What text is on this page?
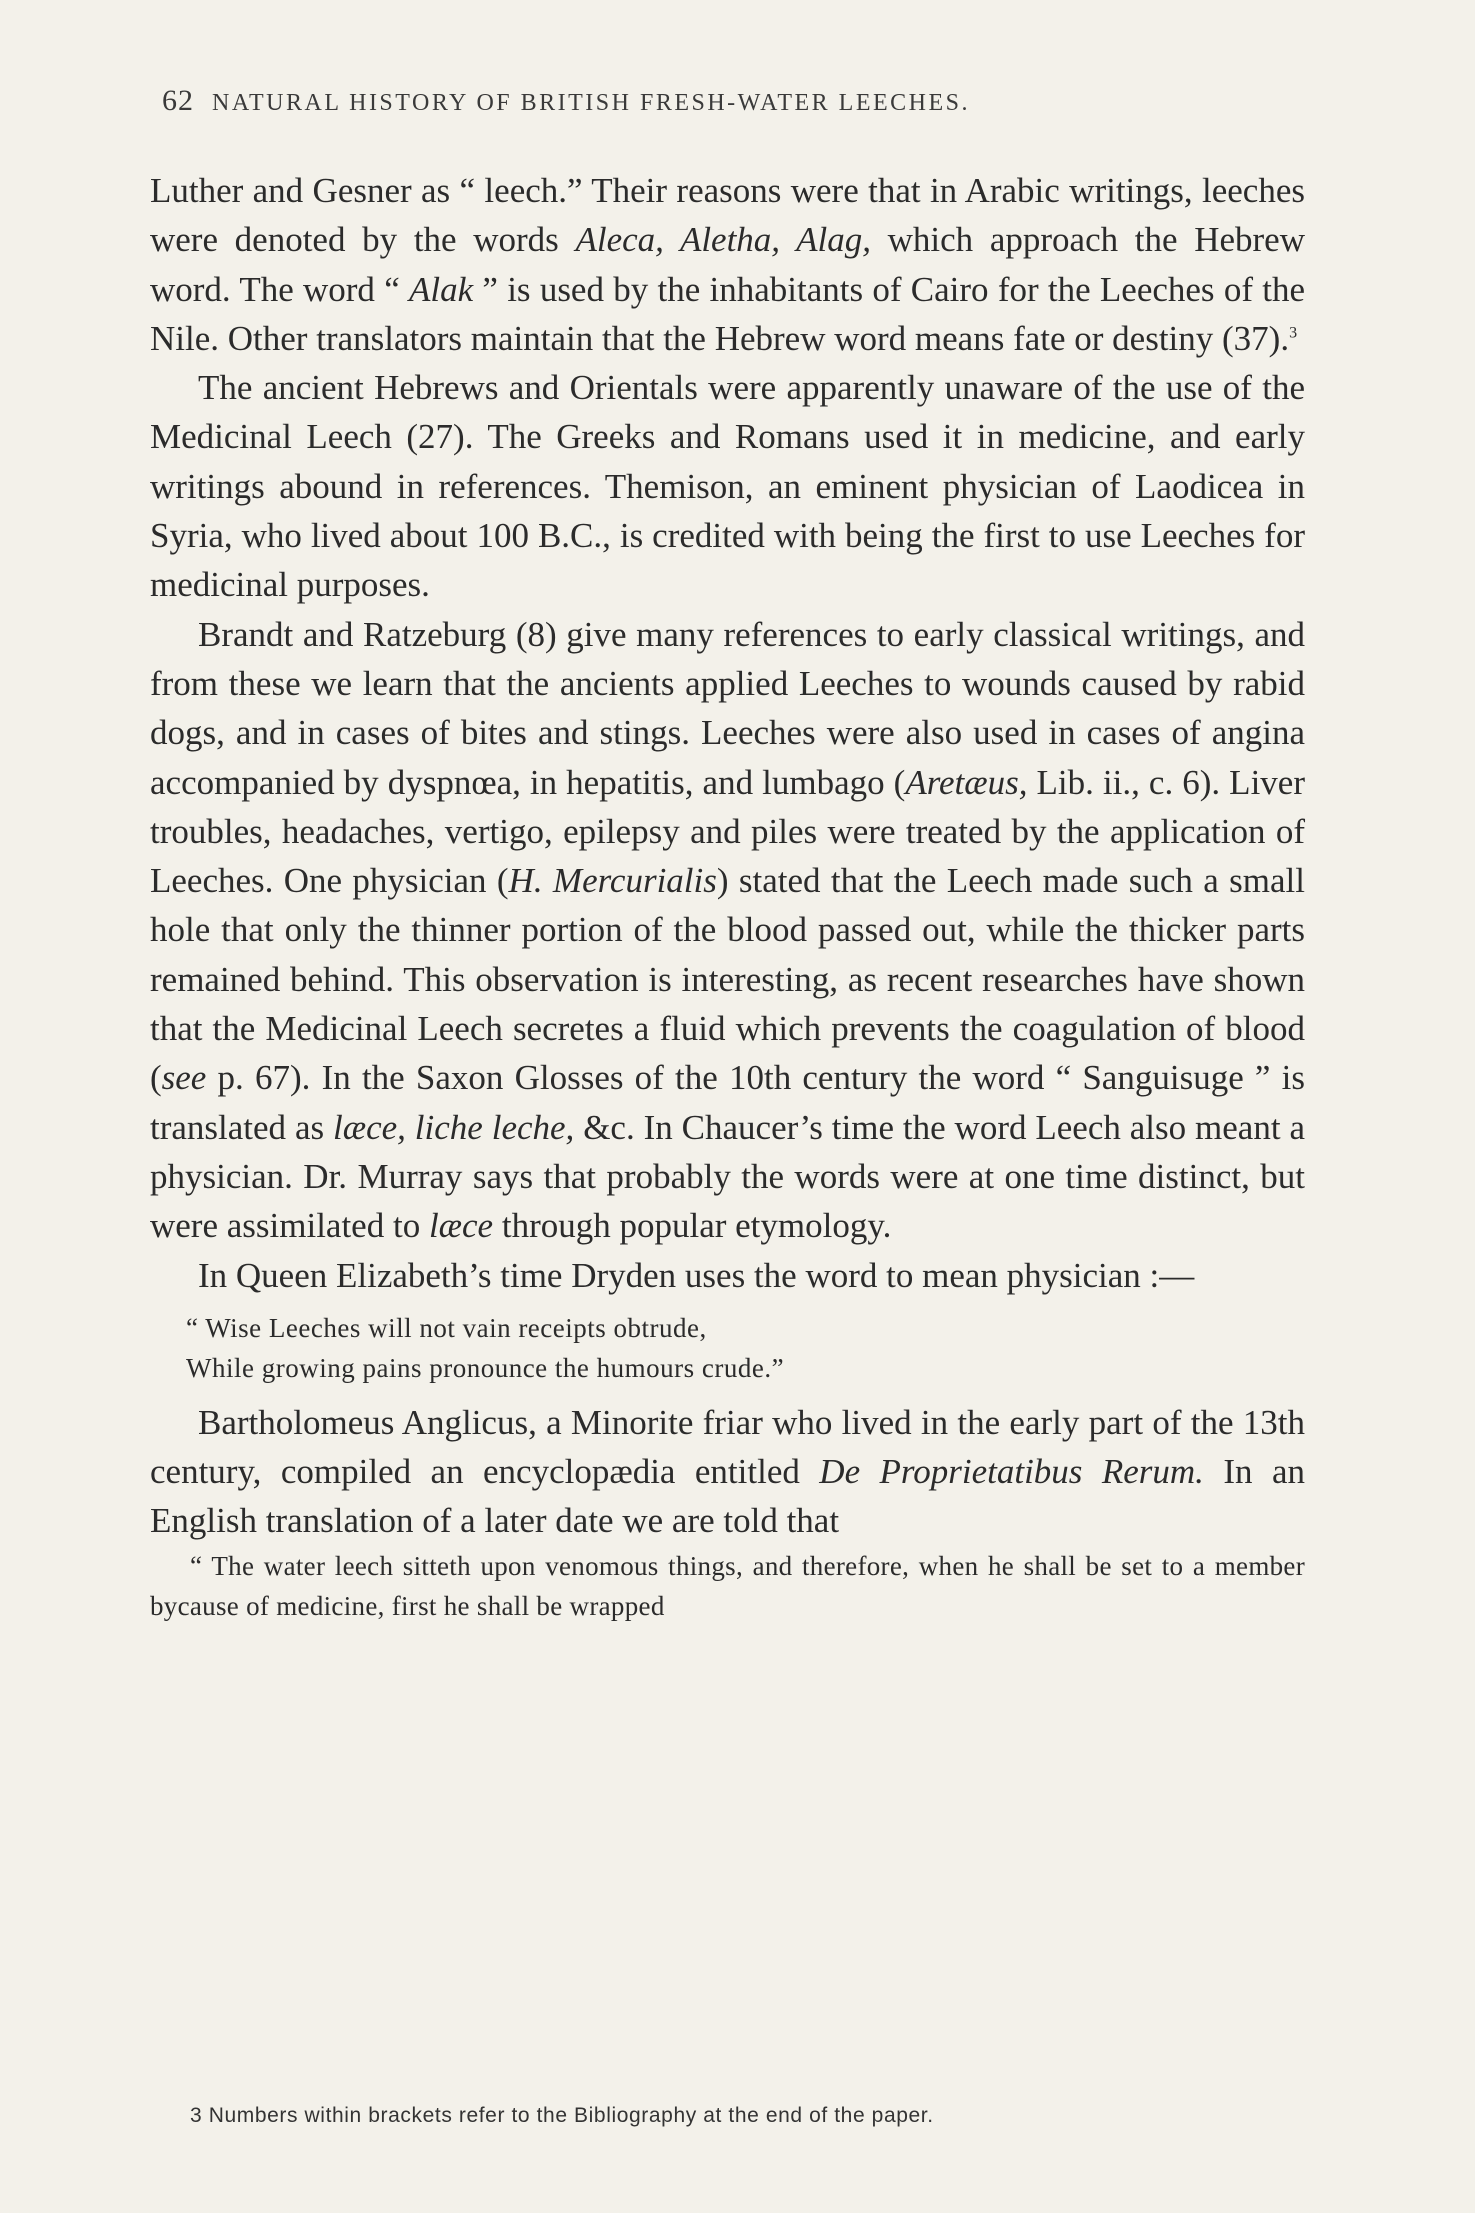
62 NATURAL HISTORY OF BRITISH FRESH-WATER LEECHES.

Luther and Gesner as “ leech.” Their reasons were that in Arabic writings, leeches were denoted by the words Aleca, Aletha, Alag, which approach the Hebrew word. The word “ Alak ” is used by the inhabitants of Cairo for the Leeches of the Nile. Other translators maintain that the Hebrew word means fate or destiny (37).$^3$

The ancient Hebrews and Orientals were apparently unaware of the use of the Medicinal Leech (27). The Greeks and Romans used it in medicine, and early writings abound in references. Themison, an eminent physician of Laodicea in Syria, who lived about 100 B.C., is credited with being the first to use Leeches for medicinal purposes.

Brandt and Ratzeburg (8) give many references to early classical writings, and from these we learn that the ancients applied Leeches to wounds caused by rabid dogs, and in cases of bites and stings. Leeches were also used in cases of angina accompanied by dyspnœa, in hepatitis, and lumbago (Aretæus, Lib. ii., c. 6). Liver troubles, headaches, vertigo, epilepsy and piles were treated by the application of Leeches. One physician (H. Mercurialis) stated that the Leech made such a small hole that only the thinner portion of the blood passed out, while the thicker parts remained behind. This observation is interesting, as recent researches have shown that the Medicinal Leech secretes a fluid which prevents the coagulation of blood (see p. 67). In the Saxon Glosses of the 10th century the word “ Sanguisuge ” is translated as læce, liche leche, &c. In Chaucer’s time the word Leech also meant a physician. Dr. Murray says that probably the words were at one time distinct, but were assimilated to læce through popular etymology.

In Queen Elizabeth’s time Dryden uses the word to mean physician :—

“ Wise Leeches will not vain receipts obtrude,
While growing pains pronounce the humours crude.”

Bartholomeus Anglicus, a Minorite friar who lived in the early part of the 13th century, compiled an encyclopædia entitled De Proprietatibus Rerum. In an English translation of a later date we are told that

“ The water leech sitteth upon venomous things, and therefore, when he shall be set to a member bycause of medicine, first he shall be wrapped

3 Numbers within brackets refer to the Bibliography at the end of the paper.
